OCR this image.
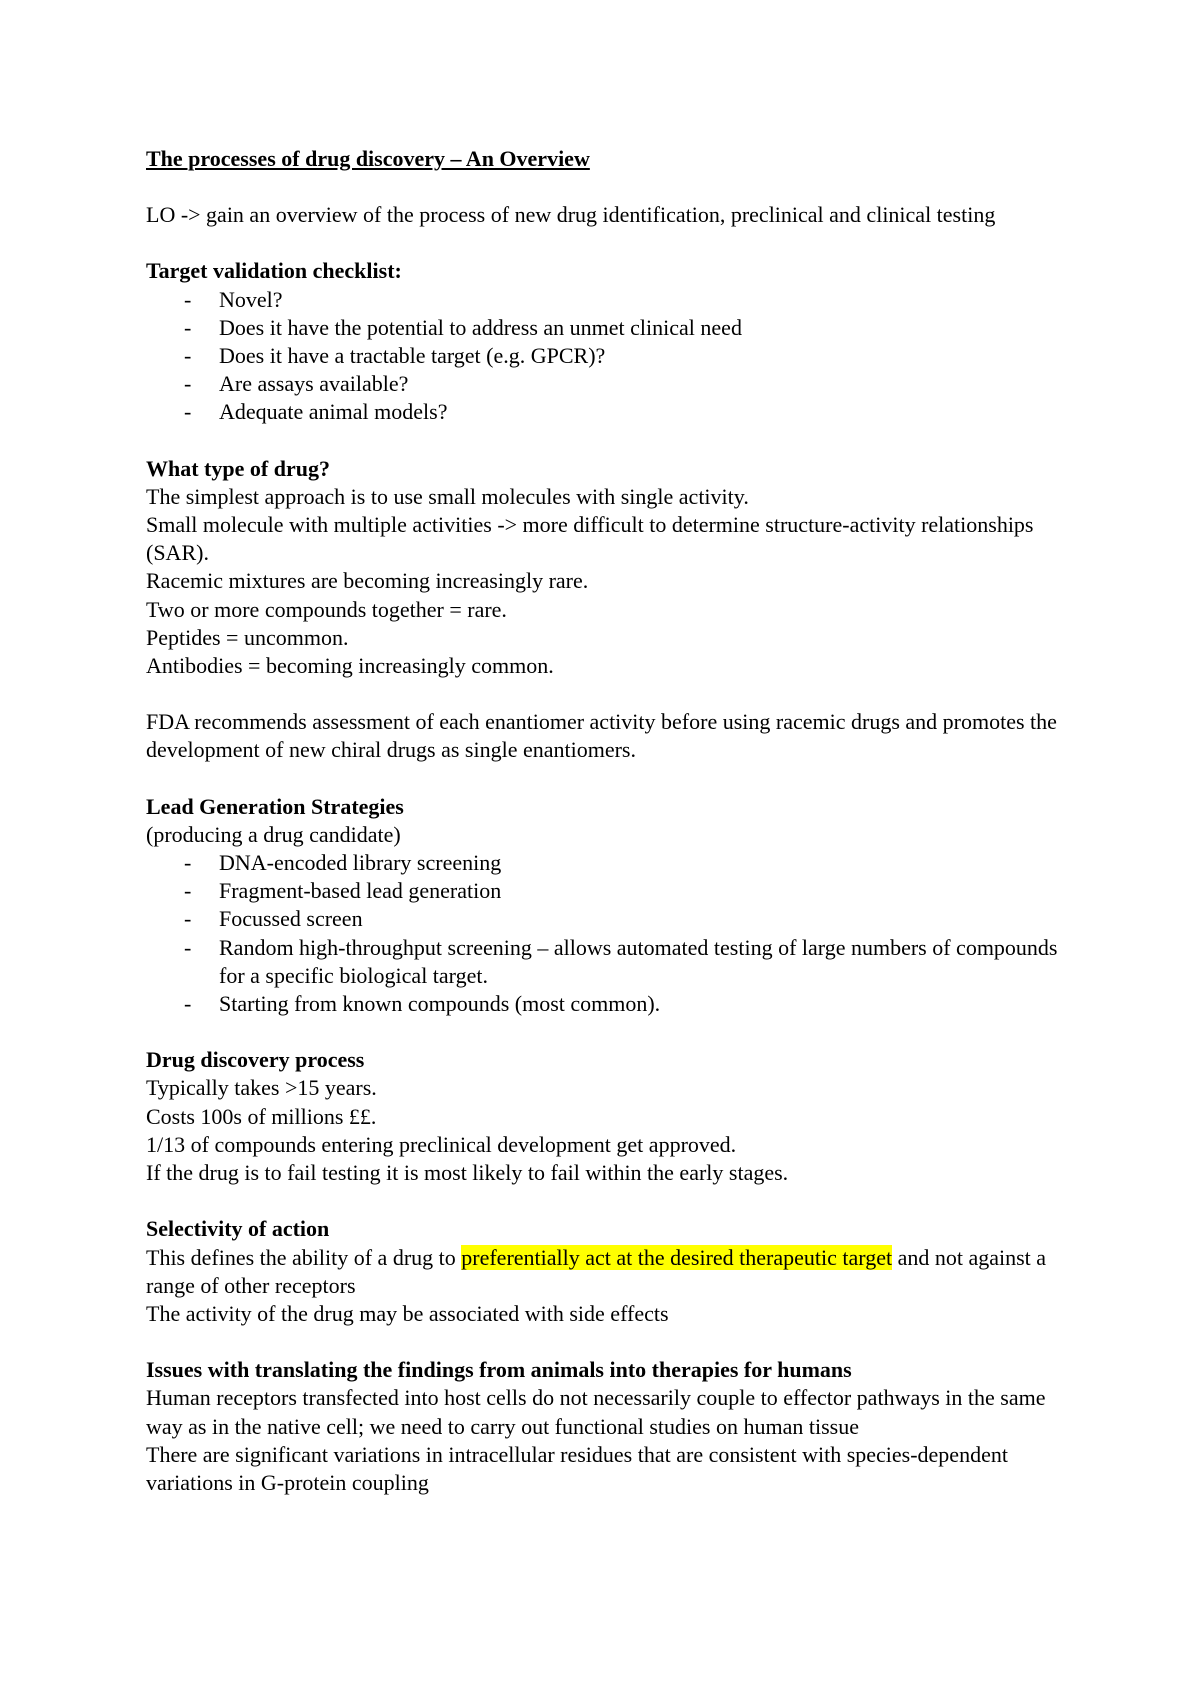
The processes of drug discovery – An Overview

LO -> gain an overview of the process of new drug identification, preclinical and clinical testing

Target validation checklist:

- Novel?
- Does it have the potential to address an unmet clinical need
- Does it have a tractable target (e.g. GPCR)?
- Are assays available?
- Adequate animal models?

What type of drug?

The simplest approach is to use small molecules with single activity.

Small molecule with multiple activities -> more difficult to determine structure-activity relationships (SAR).

Racemic mixtures are becoming increasingly rare.

Two or more compounds together = rare.

Peptides = uncommon.

Antibodies = becoming increasingly common.

FDA recommends assessment of each enantiomer activity before using racemic drugs and promotes the development of new chiral drugs as single enantiomers.

Lead Generation Strategies

(producing a drug candidate)

- DNA-encoded library screening
- Fragment-based lead generation
- Focussed screen
- Random high-throughput screening – allows automated testing of large numbers of compounds for a specific biological target.
- Starting from known compounds (most common).

Drug discovery process

Typically takes >15 years.

Costs 100s of millions ££.

1/13 of compounds entering preclinical development get approved.

If the drug is to fail testing it is most likely to fail within the early stages.

Selectivity of action

This defines the ability of a drug to preferentially act at the desired therapeutic target and not against a range of other receptors

The activity of the drug may be associated with side effects

Issues with translating the findings from animals into therapies for humans

Human receptors transfected into host cells do not necessarily couple to effector pathways in the same way as in the native cell; we need to carry out functional studies on human tissue

There are significant variations in intracellular residues that are consistent with species-dependent variations in G-protein coupling
